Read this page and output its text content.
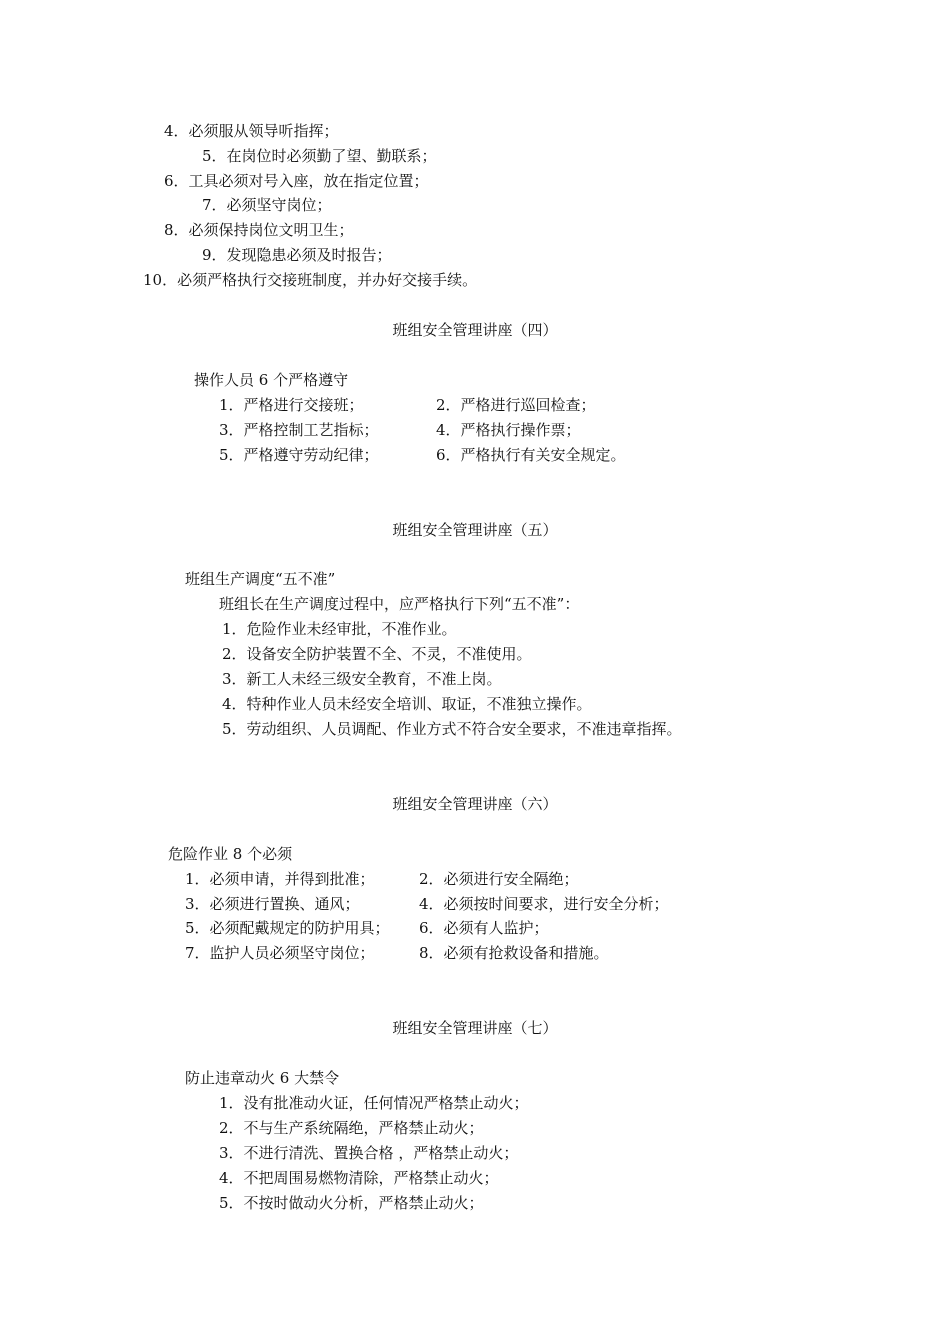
4．必须服从领导听指挥；
5．在岗位时必须勤了望、勤联系；
6．工具必须对号入座，放在指定位置；
7．必须坚守岗位；
8．必须保持岗位文明卫生；
9．发现隐患必须及时报告；
10．必须严格执行交接班制度，并办好交接手续。
班组安全管理讲座（四）
操作人员 6 个严格遵守
1．严格进行交接班；	2．严格进行巡回检查；
3．严格控制工艺指标；	4．严格执行操作票；
5．严格遵守劳动纪律；	6．严格执行有关安全规定。
班组安全管理讲座（五）
班组生产调度“五不准”
班组长在生产调度过程中，应严格执行下列“五不准”：
1．危险作业未经审批，不准作业。
2．设备安全防护装置不全、不灵，不准使用。
3．新工人未经三级安全教育，不准上岗。
4．特种作业人员未经安全培训、取证，不准独立操作。
5．劳动组织、人员调配、作业方式不符合安全要求，不准违章指挥。
班组安全管理讲座（六）
危险作业 8 个必须
1．必须申请，并得到批准；	2．必须进行安全隔绝；
3．必须进行置换、通风；	4．必须按时间要求，进行安全分析；
5．必须配戴规定的防护用具； 6．必须有人监护；
7．监护人员必须坚守岗位；	8．必须有抢救设备和措施。
班组安全管理讲座（七）
防止违章动火 6 大禁令
1．没有批准动火证，任何情况严格禁止动火；
2．不与生产系统隔绝，严格禁止动火；
3．不进行清洗、置换合格 ，严格禁止动火；
4．不把周围易燃物清除，严格禁止动火；
5．不按时做动火分析，严格禁止动火；
